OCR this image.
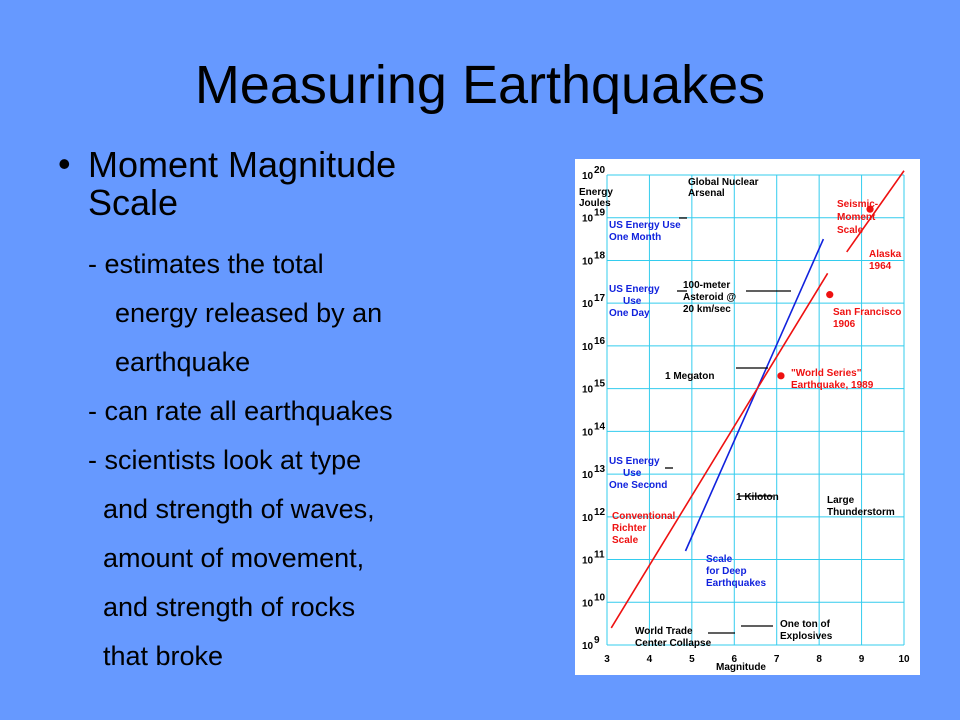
Measuring Earthquakes
• Moment Magnitude
Scale
- estimates the total
energy released by an
earthquake
- can rate all earthquakes
- scientists look at type
and strength of waves,
amount of movement,
and strength of rocks
that broke	10
9
10
10
10
11
10
12
10
13
10
14
10
15
10
16
10
17
10
18
10
19
10
20
3	4	5	6	7	8	9	10
Magnitude
Energy
Joules
Global Nuclear
Arsenal
US Energy Use
One Month
US Energy
Use
One Day
100-meter
Asteroid @
20 km/sec
1 Megaton
US Energy
Use
One Second
1 Kiloton	Large
Thunderstorm
Conventional
Richter
Scale
Scale
for Deep
Earthquakes
Seismic-
Moment
Scale
Alaska
1964
San Francisco
1906
"World Series"
Earthquake, 1989
World Trade
Center Collapse
One ton of
Explosives
